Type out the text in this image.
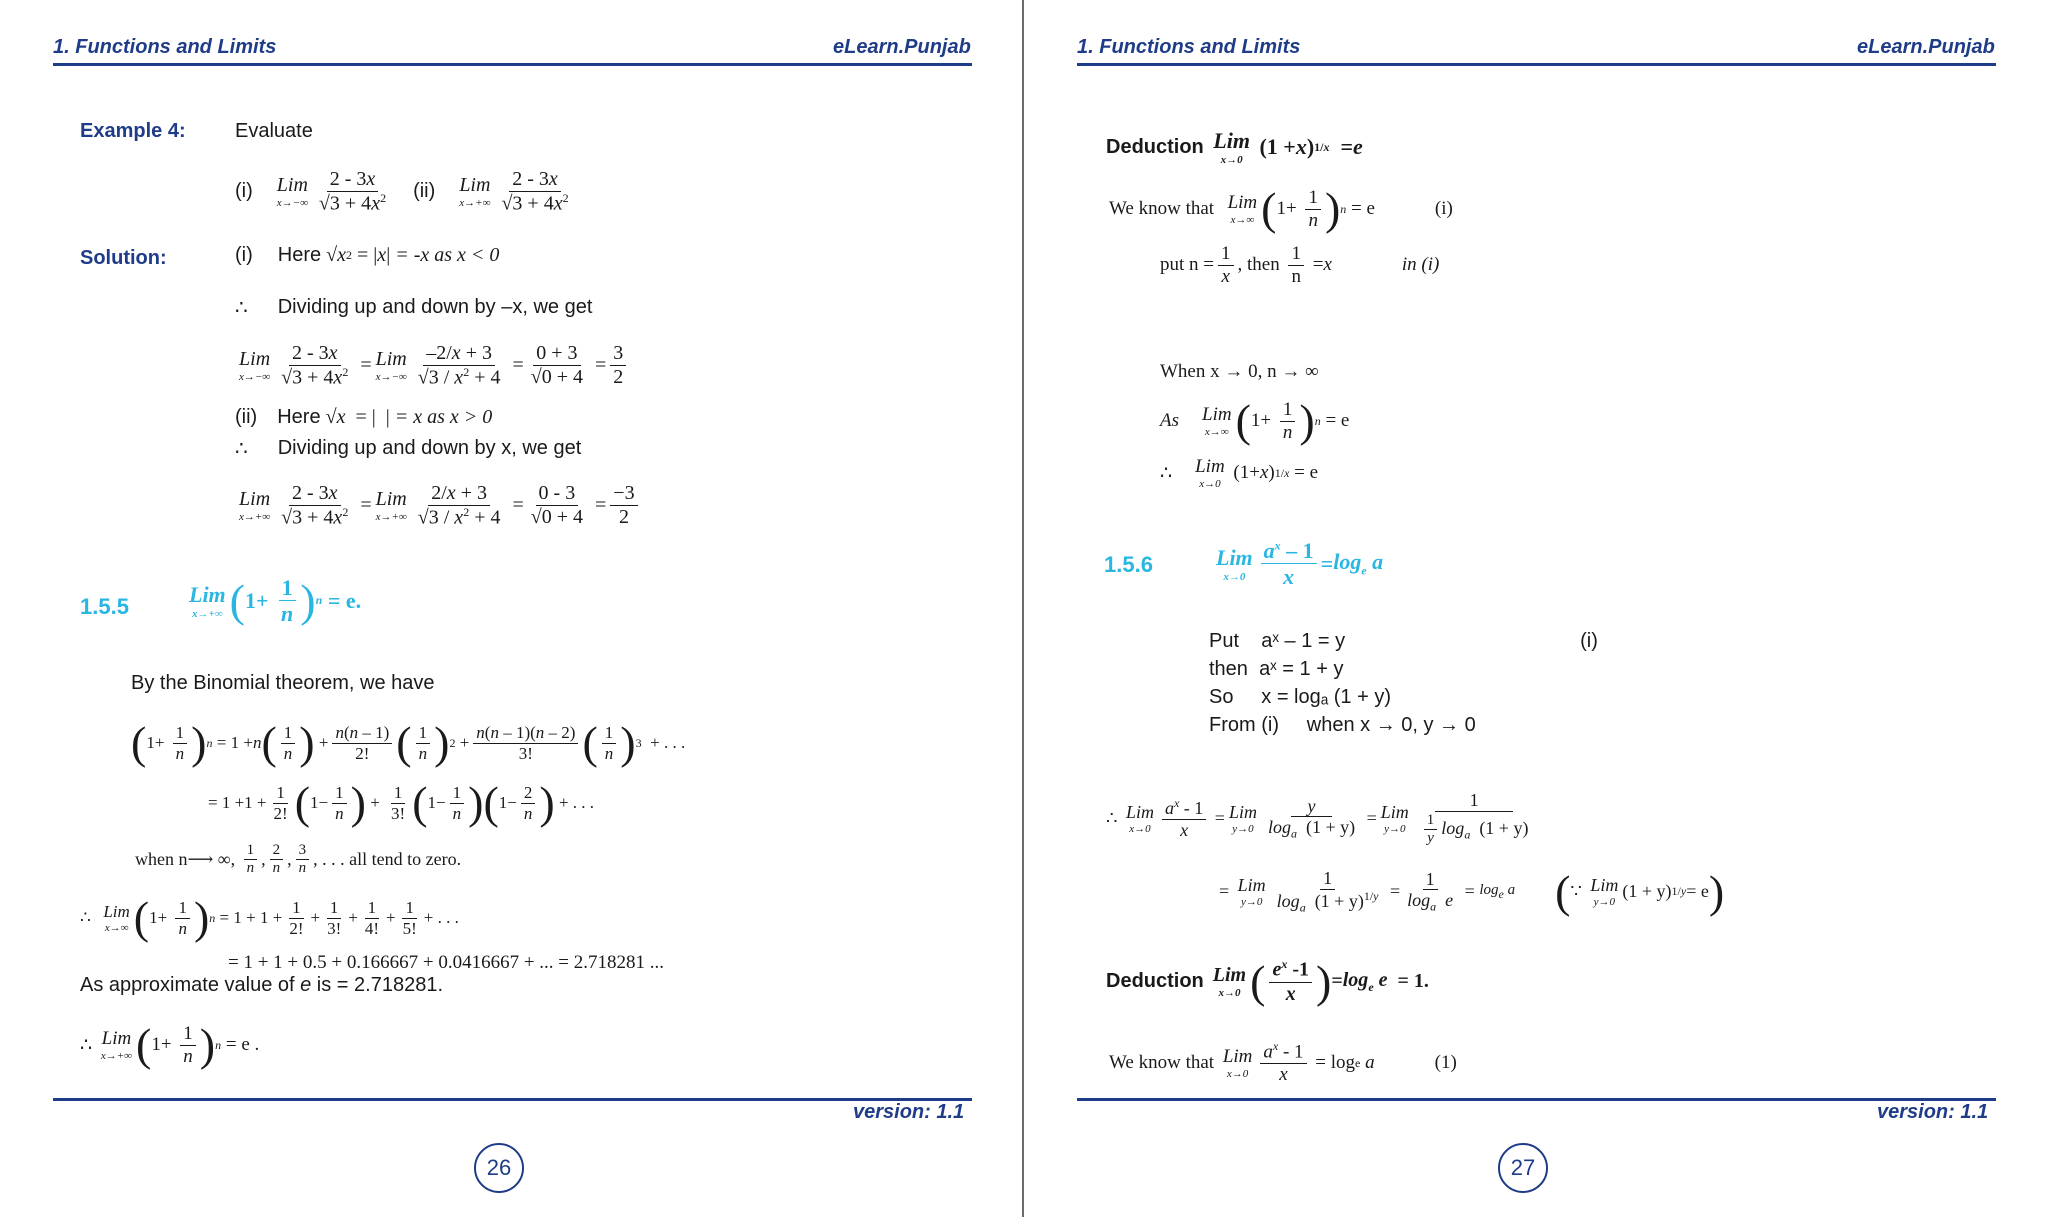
1. Functions and Limits	eLearn.Punjab
Example 4: Evaluate
(i)
Lim
x→−∞
2 - 3x
$√3 + 4x^2$
(ii)
Lim
x→+∞
2 - 3x
$√3 + 4x^2$
Solution:	(i)
Here √ x 2 = | x | = -x as x < 0
∴
Dividing up and down by –x, we get
Lim
x→−∞
2 - 3x
$√3 + 4x^2$ = Lim
x→−∞
–2/x + 3
$√3 / x^2 + 4$
=
0 + 3
√0 + 4
=
3
2
(ii)
Here √ x = |  | = x as x > 0
∴
Dividing up and down by x, we get
Lim
x→+∞
2 - 3x
$√3 + 4x^2$ = Lim
x→+∞
2/x + 3
$√3 / x^2 + 4$
=
0 - 3
√0 + 4
=
−3
2
1.5.5	Lim
x→+∞ ( 1+
1
n ) n = e.
By the Binomial theorem, we have
( 1+
1
n ) n = 1 + n ( 1
n ) +
n(n – 1)
2! ( 1
n ) 2 +
n(n – 1)(n – 2)
3! ( 1
n ) 3 + . . .
= 1 +1 +
1
2! ( 1−
1
n ) +
1
3! ( 1−
1
n ) ( 1−
2
n ) + . . .
when n⟶ ∞,
1
n , 2
n , 3
n , . . . all tend to zero.
∴
Lim
x→∞ ( 1+
1
n ) n = 1 + 1 +
1
2!
+
1
3!
+
1
4!
+
1
5!
+ . . .
= 1 + 1 + 0.5 + 0.166667 + 0.0416667 + ... = 2.718281 ...
As approximate value of e is = 2.718281.
∴
Lim
x→+∞ ( 1+
1
n ) n = e .
version: 1.1
26
1. Functions and Limits	eLearn.Punjab
Deduction
Lim
x→0
(1 + x ) 1/x = e
We know that
Lim
x→∞ ( 1+
1
n ) n = e	(i)
put $n = \frac{1}{x}$ , then

1
n
= x	in (i)
When x → 0, n → ∞
As
Lim
x→∞ ( 1+
1
n ) n = e
∴
Lim
x→0
(1+ x ) 1/x = e
1.5.6	Lim
x→0
$a^x - 1$
x
= $\log_e a$
Put aˣ – 1 = y	(i)
then aˣ = 1 + y
So x = logₐ (1 + y)
From (i) when x → 0, y → 0
∴
Lim
x→0
$a^x - 1$
x
= Lim
y→0
y
$\log_a (1 + y)$ = Lim
y→0
1
$\frac{1}{y} \log_a (1 + y)$
= Lim
y→0
1
$\log_a (1 + y)^{1/y}$ =
1
$\log_a e = \log_e a$ ( ∵ Lim
y→0
(1 + y) 1/y = e )
Deduction
Lim
x→0 ( $e^x$ -1
x ) = $\log_e e = 1$.
We know that
Lim
x→0
$a^x - 1$
x
= log e
a	(1)
version: 1.1
27
